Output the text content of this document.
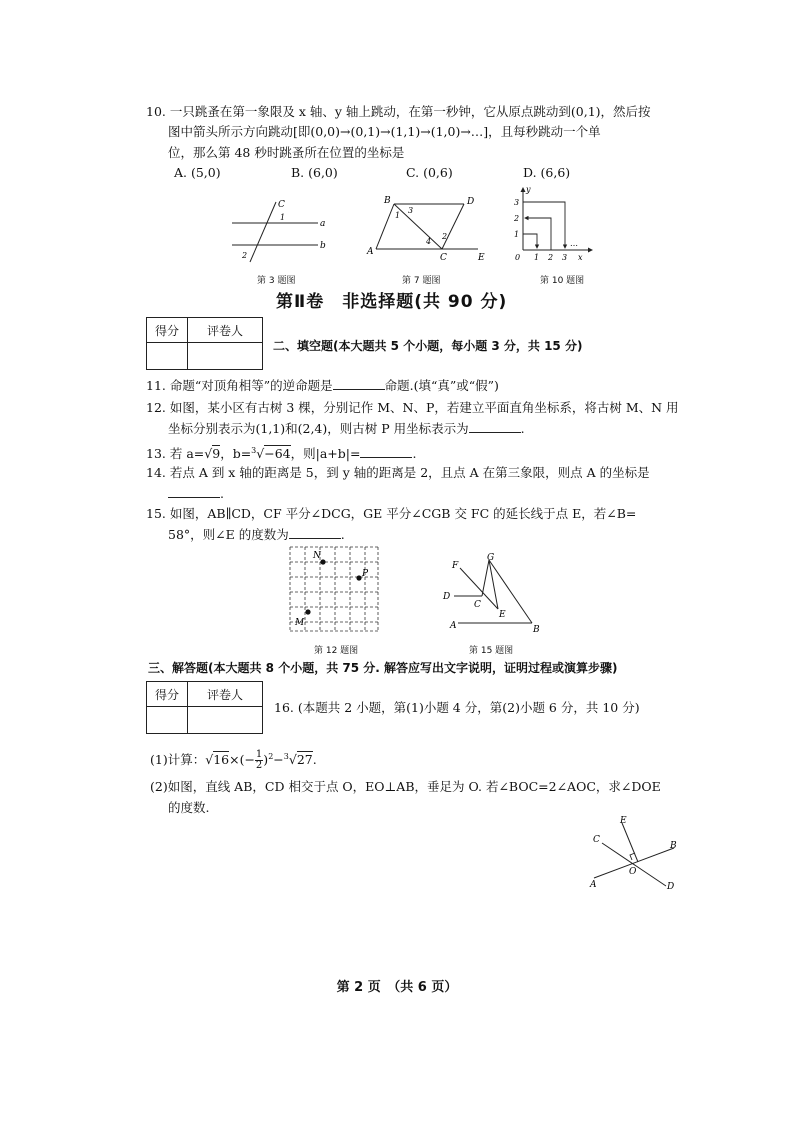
10. 一只跳蚤在第一象限及 x 轴、y 轴上跳动，在第一秒钟，它从原点跳动到(0,1)，然后按
图中箭头所示方向跳动[即(0,0)→(0,1)→(1,1)→(1,0)→…]，且每秒跳动一个单
位，那么第 48 秒时跳蚤所在位置的坐标是
A. (5,0)	B. (6,0)	C. (0,6)	D. (6,6)
C
1
a
b
2
第 3 题图
B	D
1
3
2
4
A
C	E
第 7 题图
y
3
2
1
0 1 2 3 x
…
第 10 题图
第Ⅱ卷　非选择题(共 90 分)
得分	评卷人

二、填空题(本大题共 5 个小题，每小题 3 分，共 15 分)
11. 命题“对顶角相等”的逆命题是	命题.(填“真”或“假”)
12. 如图，某小区有古树 3 棵，分别记作 M、N、P，若建立平面直角坐标系，将古树 M、N 用
坐标分别表示为(1,1)和(2,4)，则古树 P 用坐标表示为	.
13. 若 a=√9，b=$^3$√−64，则|a+b|=	.
14. 若点 A 到 x 轴的距离是 5，到 y 轴的距离是 2，且点 A 在第三象限，则点 A 的坐标是
.
15. 如图，AB∥CD，CF 平分∠DCG，GE 平分∠CGB 交 FC 的延长线于点 E，若∠B=
58°，则∠E 的度数为	.
N
P
M
第 12 题图
F
G
D
C
E
A	B
第 15 题图
三、解答题(本大题共 8 个小题，共 75 分. 解答应写出文字说明，证明过程或演算步骤)
得分	评卷人

16. (本题共 2 小题，第(1)小题 4 分，第(2)小题 6 分，共 10 分)
(1)计算：$√16\times(- \frac{1}{2} )^2-^3√27$.
(2)如图，直线 AB，CD 相交于点 O，EO⊥AB，垂足为 O. 若∠BOC=2∠AOC，求∠DOE
的度数.
E
C
B
O
A	D
第 2 页　（共 6 页）
